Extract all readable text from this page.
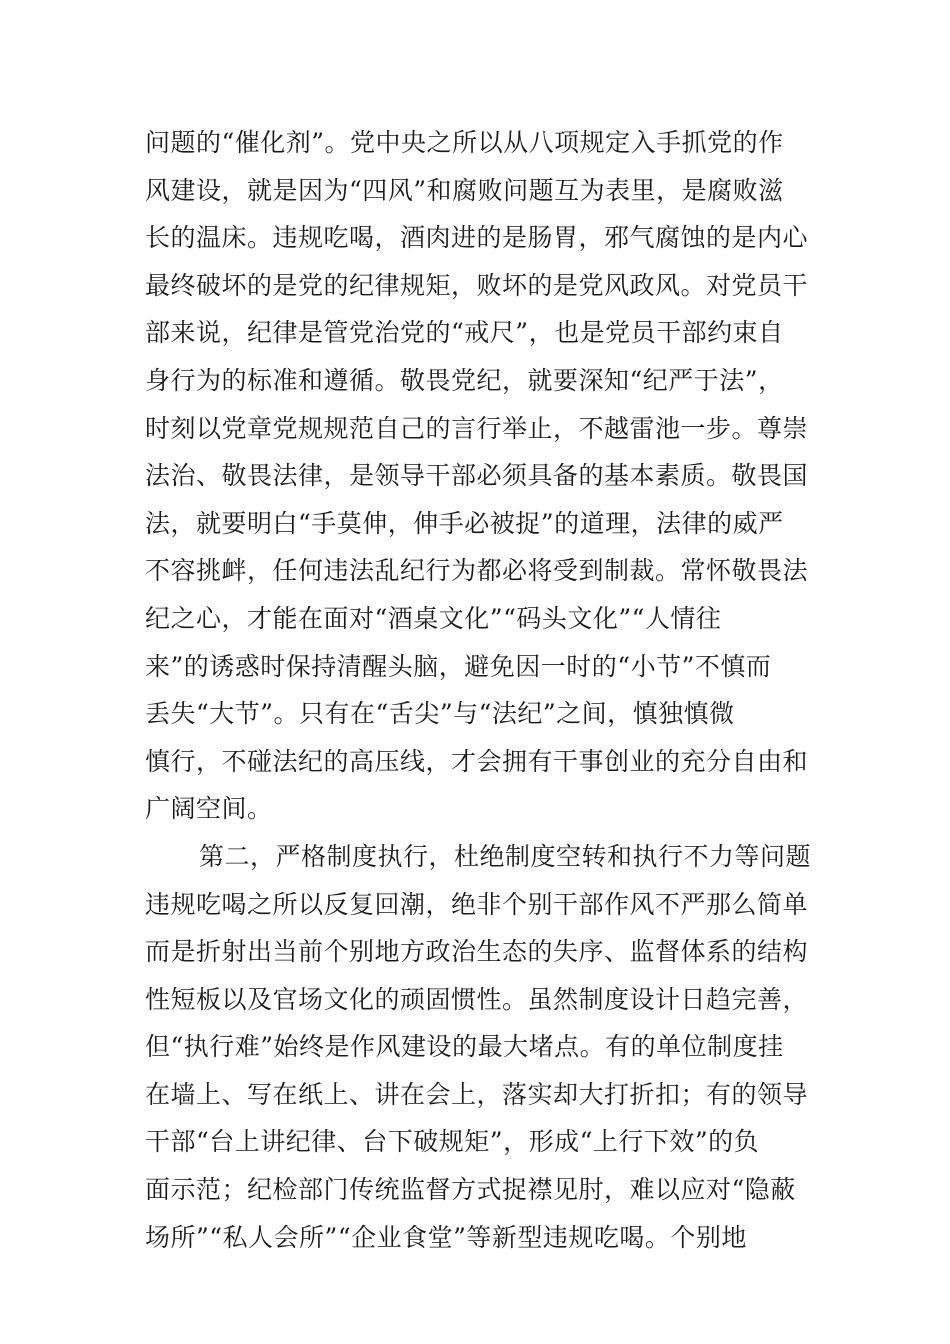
问题的“催化剂”。党中央之所以从八项规定入手抓党的作
风建设，就是因为“四风”和腐败问题互为表里，是腐败滋
长的温床。违规吃喝，酒肉进的是肠胃，邪气腐蚀的是内心
最终破坏的是党的纪律规矩，败坏的是党风政风。对党员干
部来说，纪律是管党治党的“戒尺”，也是党员干部约束自
身行为的标准和遵循。敬畏党纪，就要深知“纪严于法”，
时刻以党章党规规范自己的言行举止，不越雷池一步。尊崇
法治、敬畏法律，是领导干部必须具备的基本素质。敬畏国
法，就要明白“手莫伸，伸手必被捉”的道理，法律的威严
不容挑衅，任何违法乱纪行为都必将受到制裁。常怀敬畏法
纪之心，才能在面对“酒桌文化”“码头文化”“人情往
来”的诱惑时保持清醒头脑，避免因一时的“小节”不慎而
丢失“大节”。只有在“舌尖”与“法纪”之间，慎独慎微
慎行，不碰法纪的高压线，才会拥有干事创业的充分自由和
广阔空间。
第二，严格制度执行，杜绝制度空转和执行不力等问题
违规吃喝之所以反复回潮，绝非个别干部作风不严那么简单
而是折射出当前个别地方政治生态的失序、监督体系的结构
性短板以及官场文化的顽固惯性。虽然制度设计日趋完善，
但“执行难”始终是作风建设的最大堵点。有的单位制度挂
在墙上、写在纸上、讲在会上，落实却大打折扣；有的领导
干部“台上讲纪律、台下破规矩”，形成“上行下效”的负
面示范；纪检部门传统监督方式捉襟见肘，难以应对“隐蔽
场所”“私人会所”“企业食堂”等新型违规吃喝。个别地
